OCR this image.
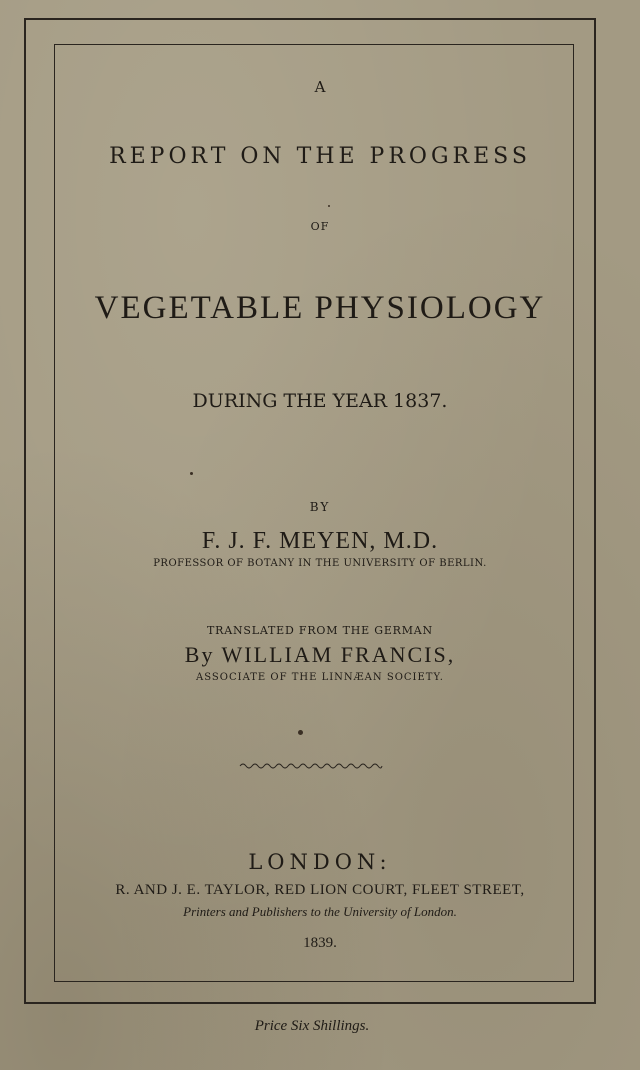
A
REPORT ON THE PROGRESS
OF
VEGETABLE PHYSIOLOGY
DURING THE YEAR 1837.
BY
F. J. F. MEYEN, M.D.
PROFESSOR OF BOTANY IN THE UNIVERSITY OF BERLIN.
TRANSLATED FROM THE GERMAN
By WILLIAM FRANCIS,
ASSOCIATE OF THE LINNÆAN SOCIETY.
LONDON:
R. AND J. E. TAYLOR, RED LION COURT, FLEET STREET,
Printers and Publishers to the University of London.
1839.
Price Six Shillings.
